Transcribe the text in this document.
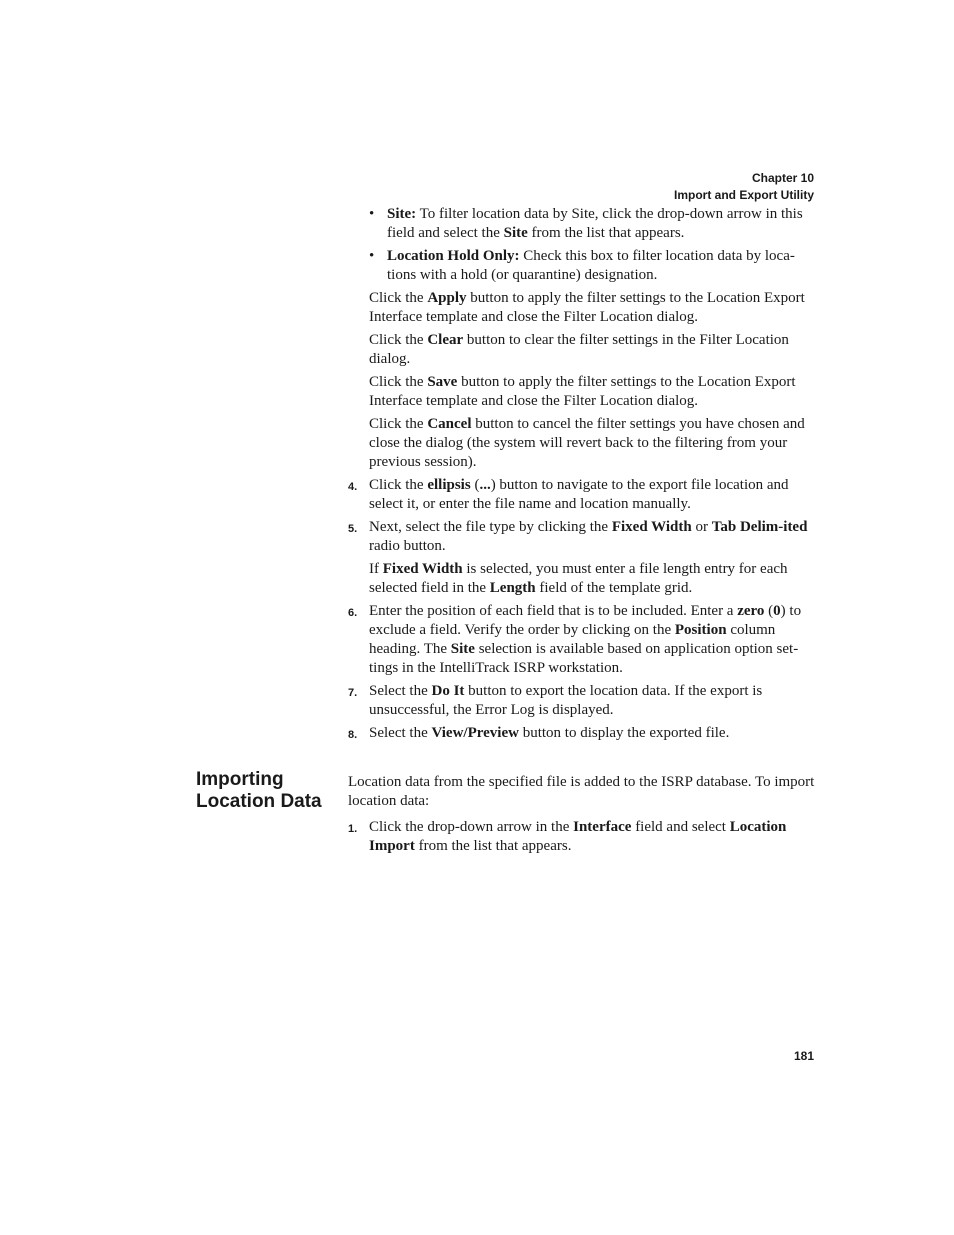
Chapter 10
Import and Export Utility
• Site: To filter location data by Site, click the drop-down arrow in this field and select the Site from the list that appears.
• Location Hold Only: Check this box to filter location data by loca-tions with a hold (or quarantine) designation.

Click the Apply button to apply the filter settings to the Location Export Interface template and close the Filter Location dialog.

Click the Clear button to clear the filter settings in the Filter Location dialog.

Click the Save button to apply the filter settings to the Location Export Interface template and close the Filter Location dialog.

Click the Cancel button to cancel the filter settings you have chosen and close the dialog (the system will revert back to the filtering from your previous session).

4. Click the ellipsis (...) button to navigate to the export file location and select it, or enter the file name and location manually.
5. Next, select the file type by clicking the Fixed Width or Tab Delim-ited radio button.

If Fixed Width is selected, you must enter a file length entry for each selected field in the Length field of the template grid.

6. Enter the position of each field that is to be included. Enter a zero (0) to exclude a field. Verify the order by clicking on the Position column heading. The Site selection is available based on application option set-tings in the IntelliTrack ISRP workstation.
7. Select the Do It button to export the location data. If the export is unsuccessful, the Error Log is displayed.
8. Select the View/Preview button to display the exported file.
Importing
Location Data

Location data from the specified file is added to the ISRP database. To import location data:

1. Click the drop-down arrow in the Interface field and select Location Import from the list that appears.
181
